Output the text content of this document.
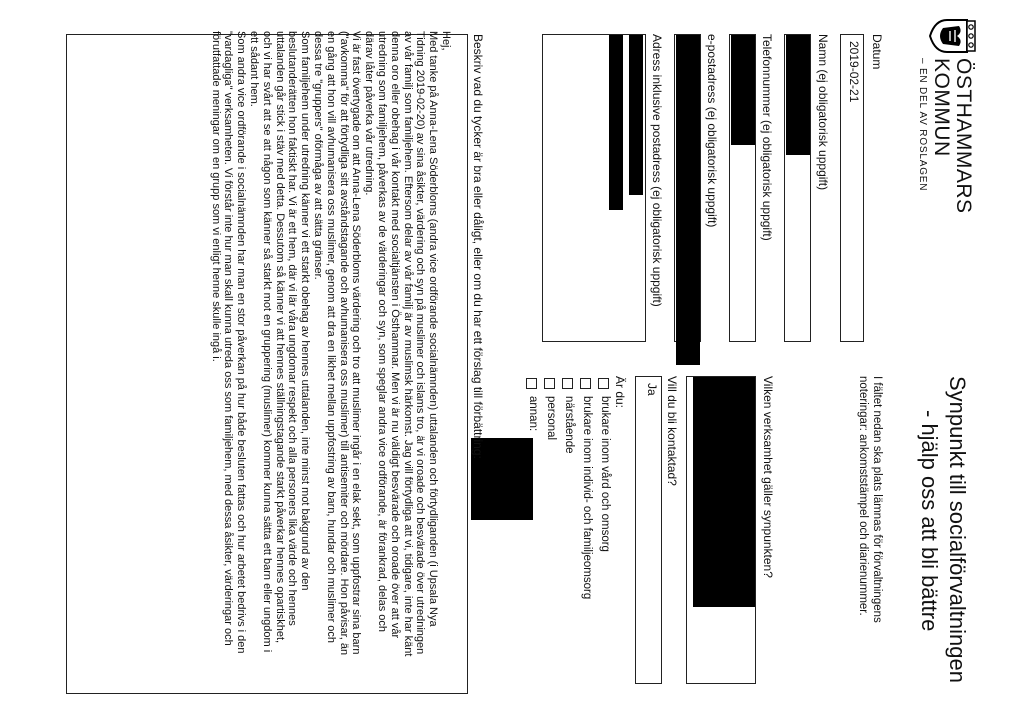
ÖSTHAMMARS
KOMMUN
– EN DEL AV ROSLAGEN
Synpunkt till socialförvaltningen
- hjälp oss att bli bättre
Datum
2019-02-21
Namn (ej obligatorisk uppgift)
Telefonnummer (ej obligatorisk uppgift)
e-postadress (ej obligatorisk uppgift)
Adress inklusive postadress (ej obligatorisk uppgift)
I fältet nedan ska plats lämnas för förvaltningens
noteringar: ankomststämpel och diarienummer.
Vilken verksamhet gäller synpunkten?
Vill du bli kontaktad?
Ja
Är du:
brukare inom vård och omsorg
brukare inom individ- och familjeomsorg
närstående
personal
annan:
Beskriv vad du tycker är bra eller dåligt, eller om du har ett förslag till förbättring:

Hej,

Med tanke på Anna-Lena Söderbloms (andra vice ordförande socialnämnden) uttalanden och förtydliganden (i Upsala Nya Tidning 2019-02-20) av sina åsikter, värdering och syn på muslimer och islams tro, är vi oroade och besvärade över utredningen av vår familj som familjehem. Eftersom delar av vår familj är av muslimsk härkomst. Jag vill förtydliga att vi, tidigare, inte har känt denna oro eller obehag i vår kontakt med socialtjänsten i Östhammar. Men vi är nu väldigt besvärade och oroade över att vår utredning som familjehem, påverkas av de värderingar och syn, som speglar andra vice ordförande, är förankrad, delas och därav låter påverka vår utredning.

Vi är fast övertygade om att Anna-Lena Söderbloms värdering och tro att muslimer ingår i en elak sekt, som uppfostrar sina barn ("avkomma" för att förtydliga sitt avståndstagande och avhumanisera oss muslimer) till antisemiter och mördare. Hon påvisar, än en gång att hon vill avhumanisera oss muslimer, genom att dra en likhet mellan uppfostring av barn, hundar och muslimer och dessa tre "gruppers" oförmåga av att sätta gränser.

Som familjehem under utredning känner vi ett starkt obehag av hennes uttalanden, inte minst mot bakgrund av den beslutanderätten hon faktiskt har. Vi är ett hem, där vi lär våra ungdomar respekt och alla personers lika värde och hennes uttalanden går stick i stäv med detta. Dessutom så känner vi att hennes ställningstagande starkt påverkar hennes opartiskhet, och vi har svårt att se att någon som känner så starkt mot en gruppering (muslimer) kommer kunna sätta ett barn eller ungdom i ett sådant hem.

Som andra vice ordförande i socialnämnden har man en stor påverkan på hur både besluten fattas och hur arbetet bedrivs i den "vardagliga" verksamheten. Vi förstår inte hur man skall kunna utreda oss som familjehem, med dessa åsikter, värderingar och förutfattade meningar om en grupp som vi enligt henne skulle ingå i.
